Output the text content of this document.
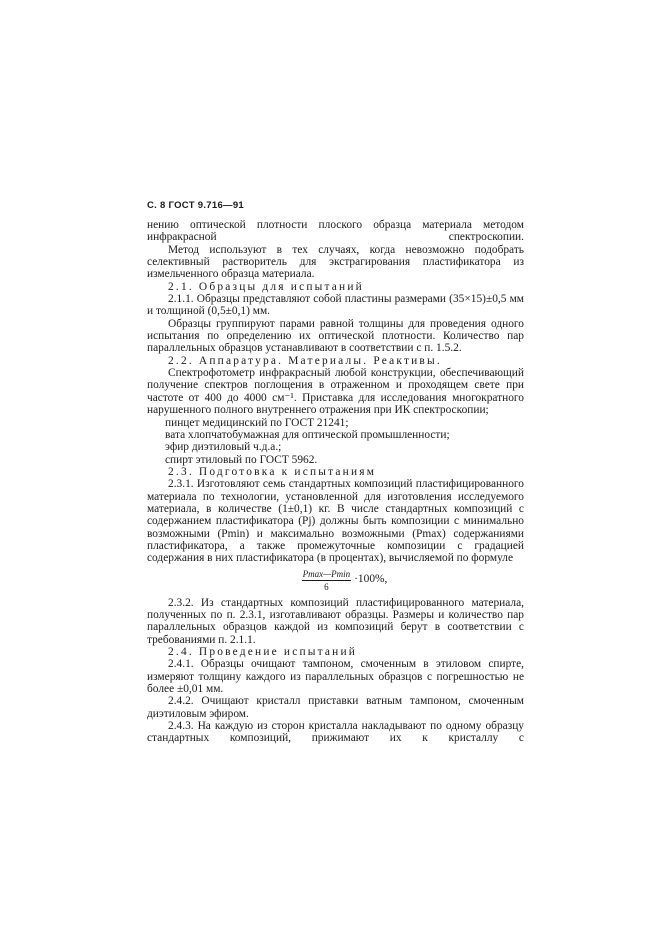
С. 8 ГОСТ 9.716—91

нению оптической плотности плоского образца материала методом инфракрасной спектроскопии.

Метод используют в тех случаях, когда невозможно подобрать селективный растворитель для экстрагирования пластификатора из измельченного образца материала.

2.1. Образцы для испытаний

2.1.1. Образцы представляют собой пластины размерами (35×15)±0,5 мм и толщиной (0,5±0,1) мм.

Образцы группируют парами равной толщины для проведения одного испытания по определению их оптической плотности. Количество пар параллельных образцов устанавливают в соответствии с п. 1.5.2.

2.2. Аппаратура. Материалы. Реактивы.

Спектрофотометр инфракрасный любой конструкции, обеспечивающий получение спектров поглощения в отраженном и проходящем свете при частоте от 400 до 4000 см⁻¹. Приставка для исследования многократного нарушенного полного внутреннего отражения при ИК спектроскопии;

пинцет медицинский по ГОСТ 21241;

вата хлопчатобумажная для оптической промышленности;

эфир диэтиловый ч.д.а.;

спирт этиловый по ГОСТ 5962.

2.3. Подготовка к испытаниям

2.3.1. Изготовляют семь стандартных композиций пластифицированного материала по технологии, установленной для изготовления исследуемого материала, в количестве (1±0,1) кг. В числе стандартных композиций с содержанием пластификатора (Pj) должны быть композиции с минимально возможными (Pmin) и максимально возможными (Pmax) содержаниями пластификатора, а также промежуточные композиции с градацией содержания в них пластификатора (в процентах), вычисляемой по формуле

$\frac{Pmax—Pmin}{6} \cdot 100\%$,

2.3.2. Из стандартных композиций пластифицированного материала, полученных по п. 2.3.1, изготавливают образцы. Размеры и количество пар параллельных образцов каждой из композиций берут в соответствии с требованиями п. 2.1.1.

2.4. Проведение испытаний

2.4.1. Образцы очищают тампоном, смоченным в этиловом спирте, измеряют толщину каждого из параллельных образцов с погрешностью не более ±0,01 мм.

2.4.2. Очищают кристалл приставки ватным тампоном, смоченным диэтиловым эфиром.

2.4.3. На каждую из сторон кристалла накладывают по одному образцу стандартных композиций, прижимают их к кристаллу с
